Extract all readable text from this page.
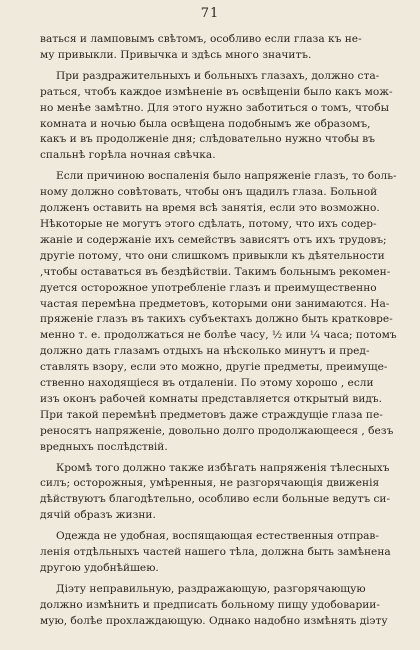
71
ваться и ламповымъ свѣтомъ, особливо если глаза къ не-
му привыкли. Привычка и здѣсь много значитъ.
При раздражительныхъ и больныхъ глазахъ, должно ста-
раться, чтобъ каждое измѣненіе въ освѣщеніи было какъ мож-
но менѣе замѣтно. Для этого нужно заботиться о томъ, чтобы
комната и ночью была освѣщена подобнымъ же образомъ,
какъ и въ продолженіе дня; слѣдовательно нужно чтобы въ
спальнѣ горѣла ночная свѣчка.
Если причиною воспаленія было напряженіе глазъ, то боль-
ному должно совѣтовать, чтобы онъ щадилъ глаза. Больной
долженъ оставить на время всѣ занятія, если это возможно.
Нѣкоторые не могутъ этого сдѣлать, потому, что ихъ содер-
жаніе и содержаніе ихъ семействъ зависятъ отъ ихъ трудовъ;
другіе потому, что они слишкомъ привыкли къ дѣятельности
,чтобы оставаться въ бездѣйствіи. Такимъ больнымъ рекомен-
дуется осторожное употребленіе глазъ и преимущественно
частая перемѣна предметовъ, которыми они занимаются. На-
пряженіе глазъ въ такихъ субъектахъ должно быть кратковре-
менно т. е. продолжаться не болѣе часу, ½ или ¼ часа; потомъ
должно дать глазамъ отдыхъ на нѣсколько минутъ и пред-
ставлять взору, если это можно, другіе предметы, преимуще-
ственно находящіеся въ отдаленіи. По этому хорошо , если
изъ оконъ рабочей комнаты представляется открытый видъ.
При такой перемѣнѣ предметовъ даже страждущіе глаза пе-
реносятъ напряженіе, довольно долго продолжающееся , безъ
вредныхъ послѣдствій.
Кромѣ того должно также избѣгать напряженія тѣлесныхъ
силъ; осторожныя, умѣренныя, не разгорячающія движенія
дѣйствуютъ благодѣтельно, особливо если больные ведутъ си-
дячій образъ жизни.
Одежда не удобная, воспящающая естественныя отправ-
ленія отдѣльныхъ частей нашего тѣла, должна быть замѣнена
другою удобнѣйшею.
Діэту неправильную, раздражающую, разгорячающую
должно измѣнить и предписать больному пищу удобоварии-
мую, болѣе прохлаждающую. Однако надобно измѣнять діэту
